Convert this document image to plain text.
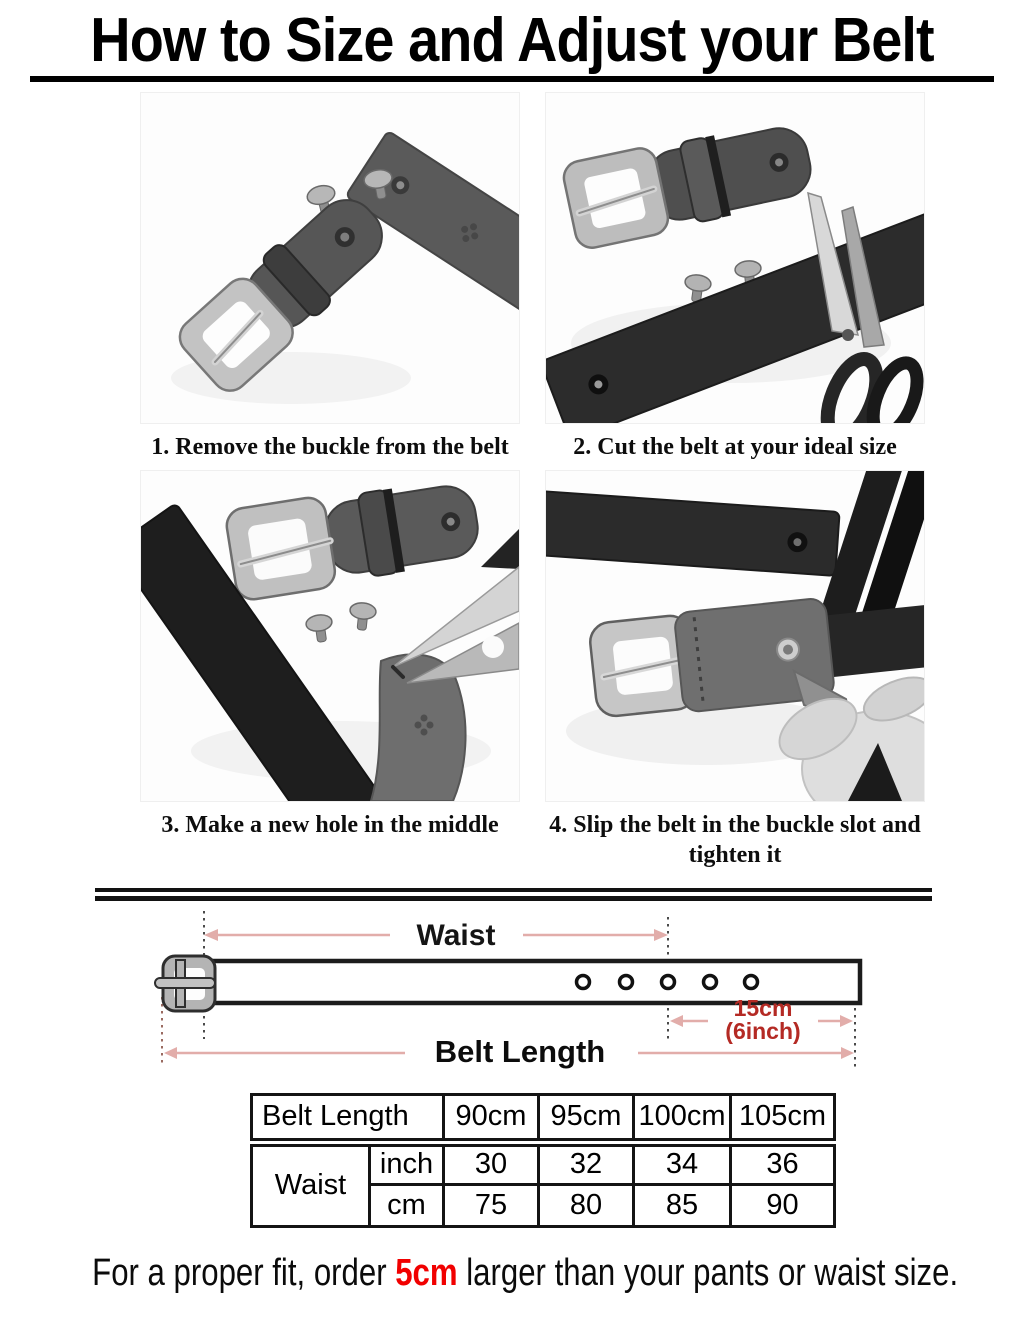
How to Size and Adjust your Belt
1. Remove the buckle from the belt	2. Cut the belt at your ideal size
3. Make a new hole in the middle	4. Slip the belt in the buckle slot and tighten it
Waist
15cm
(6inch)
Belt Length
Belt Length		90cm	95cm	100cm	105cm
Waist	inch	30	32	34	36
	cm	75	80	85	90

For a proper fit, order 5cm larger than your pants or waist size.
